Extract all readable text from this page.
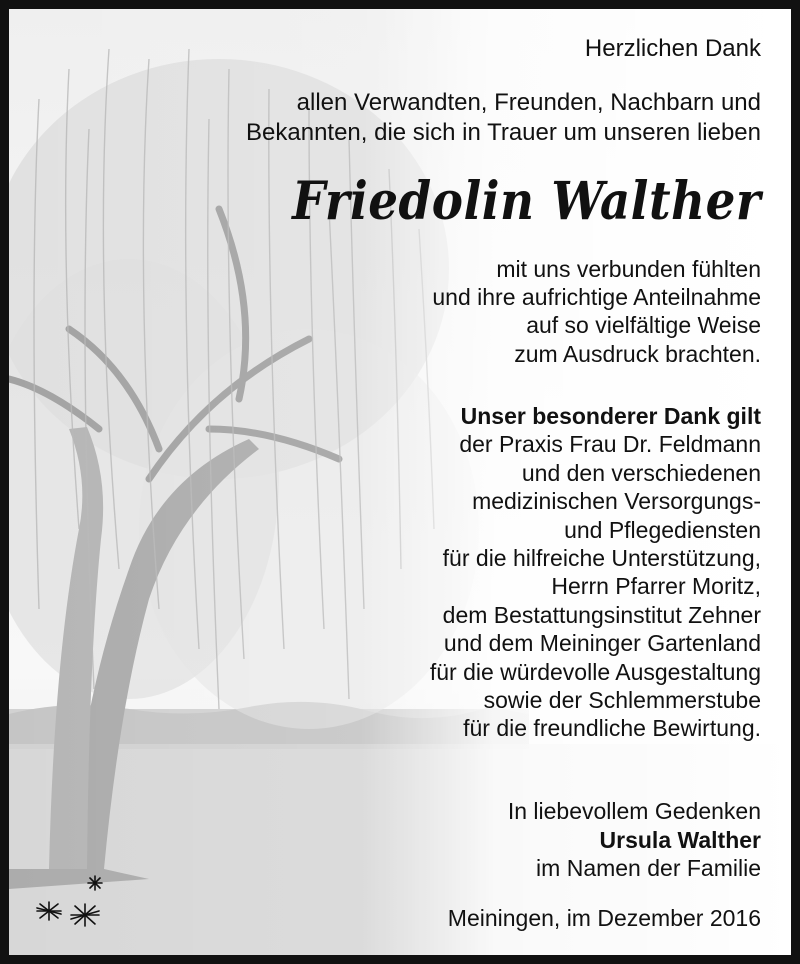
Herzlichen Dank
allen Verwandten, Freunden, Nachbarn und
Bekannten, die sich in Trauer um unseren lieben
Friedolin Walther
mit uns verbunden fühlten
und ihre aufrichtige Anteilnahme
auf so vielfältige Weise
zum Ausdruck brachten.
Unser besonderer Dank gilt
der Praxis Frau Dr. Feldmann
und den verschiedenen
medizinischen Versorgungs-
und Pflegediensten
für die hilfreiche Unterstützung,
Herrn Pfarrer Moritz,
dem Bestattungsinstitut Zehner
und dem Meininger Gartenland
für die würdevolle Ausgestaltung
sowie der Schlemmerstube
für die freundliche Bewirtung.
In liebevollem Gedenken
Ursula Walther
im Namen der Familie
Meiningen, im Dezember 2016
